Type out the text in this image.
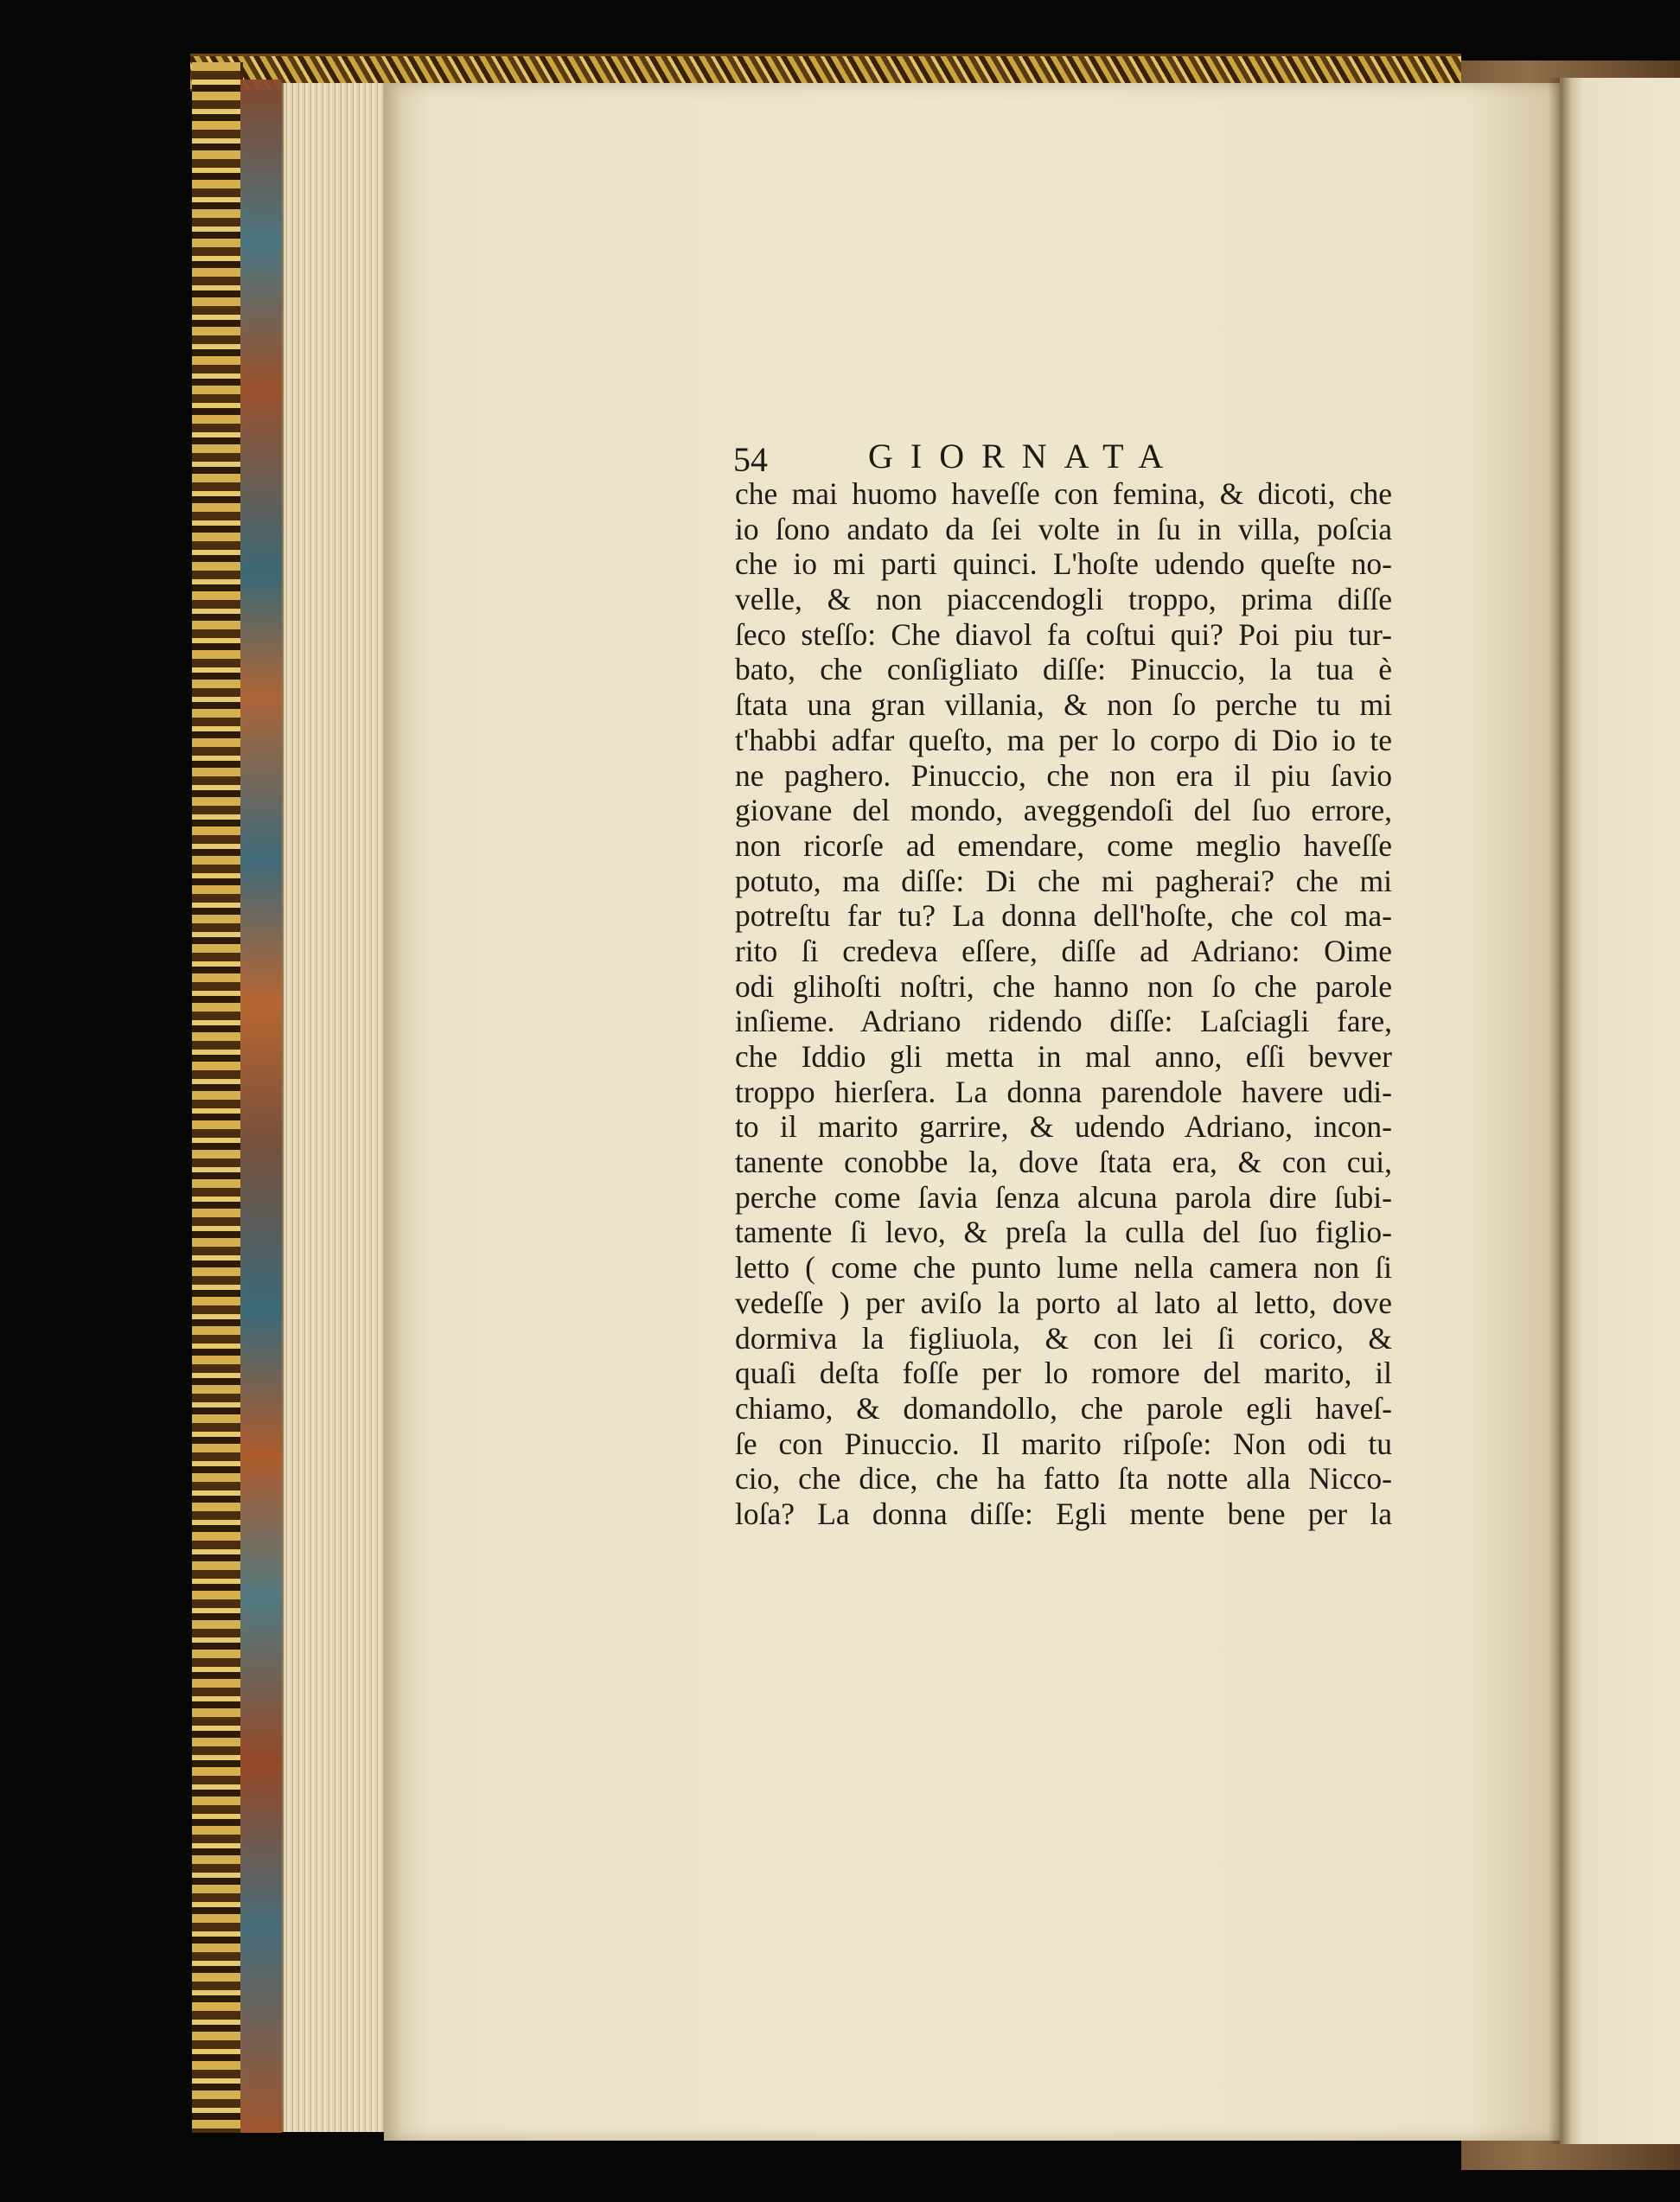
54	GIORNATA
che mai huomo haveſſe con femina, & dicoti, che
io ſono andato da ſei volte in ſu in villa, poſcia
che io mi parti quinci. L'hoſte udendo queſte no-
velle, & non piaccendogli troppo, prima diſſe
ſeco steſſo: Che diavol fa coſtui qui? Poi piu tur-
bato, che conſigliato diſſe: Pinuccio, la tua è
ſtata una gran villania, & non ſo perche tu mi
t'habbi adfar queſto, ma per lo corpo di Dio io te
ne paghero. Pinuccio, che non era il piu ſavio
giovane del mondo, aveggendoſi del ſuo errore,
non ricorſe ad emendare, come meglio haveſſe
potuto, ma diſſe: Di che mi pagherai? che mi
potreſtu far tu? La donna dell'hoſte, che col ma-
rito ſi credeva eſſere, diſſe ad Adriano: Oime
odi glihoſti noſtri, che hanno non ſo che parole
inſieme. Adriano ridendo diſſe: Laſciagli fare,
che Iddio gli metta in mal anno, eſſi bevver
troppo hierſera. La donna parendole havere udi-
to il marito garrire, & udendo Adriano, incon-
tanente conobbe la, dove ſtata era, & con cui,
perche come ſavia ſenza alcuna parola dire ſubi-
tamente ſi levo, & preſa la culla del ſuo figlio-
letto ( come che punto lume nella camera non ſi
vedeſſe ) per aviſo la porto al lato al letto, dove
dormiva la figliuola, & con lei ſi corico, &
quaſi deſta foſſe per lo romore del marito, il
chiamo, & domandollo, che parole egli haveſ-
ſe con Pinuccio. Il marito riſpoſe: Non odi tu
cio, che dice, che ha fatto ſta notte alla Nicco-
loſa? La donna diſſe: Egli mente bene per la
